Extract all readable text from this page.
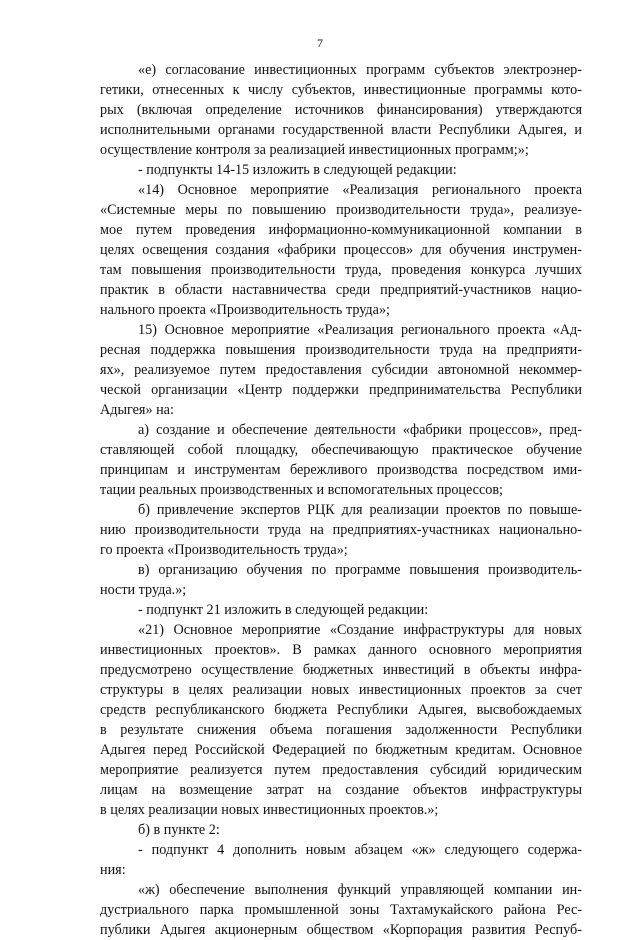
7
«е) согласование инвестиционных программ субъектов электроэнер-
гетики, отнесенных к числу субъектов, инвестиционные программы кото-
рых (включая определение источников финансирования) утверждаются
исполнительными органами государственной власти Республики Адыгея, и
осуществление контроля за реализацией инвестиционных программ;»;
- подпункты 14-15 изложить в следующей редакции:
«14) Основное мероприятие «Реализация регионального проекта
«Системные меры по повышению производительности труда», реализуе-
мое путем проведения информационно-коммуникационной компании в
целях освещения создания «фабрики процессов» для обучения инструмен-
там повышения производительности труда, проведения конкурса лучших
практик в области наставничества среди предприятий-участников нацио-
нального проекта «Производительность труда»;
15) Основное мероприятие «Реализация регионального проекта «Ад-
ресная поддержка повышения производительности труда на предприяти-
ях», реализуемое путем предоставления субсидии автономной некоммер-
ческой организации «Центр поддержки предпринимательства Республики
Адыгея» на:
а) создание и обеспечение деятельности «фабрики процессов», пред-
ставляющей собой площадку, обеспечивающую практическое обучение
принципам и инструментам бережливого производства посредством ими-
тации реальных производственных и вспомогательных процессов;
б) привлечение экспертов РЦК для реализации проектов по повыше-
нию производительности труда на предприятиях-участниках национально-
го проекта «Производительность труда»;
в) организацию обучения по программе повышения производитель-
ности труда.»;
- подпункт 21 изложить в следующей редакции:
«21) Основное мероприятие «Создание инфраструктуры для новых
инвестиционных проектов». В рамках данного основного мероприятия
предусмотрено осуществление бюджетных инвестиций в объекты инфра-
структуры в целях реализации новых инвестиционных проектов за счет
средств республиканского бюджета Республики Адыгея, высвобождаемых
в результате снижения объема погашения задолженности Республики
Адыгея перед Российской Федерацией по бюджетным кредитам. Основное
мероприятие реализуется путем предоставления субсидий юридическим
лицам на возмещение затрат на создание объектов инфраструктуры
в целях реализации новых инвестиционных проектов.»;
б) в пункте 2:
- подпункт 4 дополнить новым абзацем «ж» следующего содержа-
ния:
«ж) обеспечение выполнения функций управляющей компании ин-
дустриального парка промышленной зоны Тахтамукайского района Рес-
публики Адыгея акционерным обществом «Корпорация развития Респуб-
